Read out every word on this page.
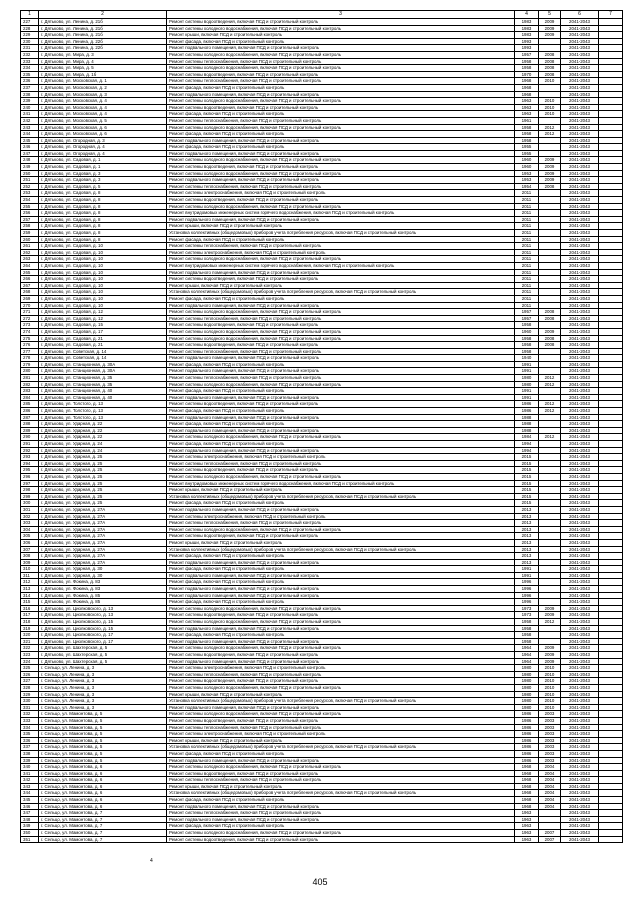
1	2	3	4	5	6	7
227	г. Дятьково, ул. Ленина, д. 21б	Ремонт системы водоотведения, включая ПСД и строительный контроль	1983	2009	2041-2043	
228	г. Дятьково, ул. Ленина, д. 21б	Ремонт системы холодного водоснабжения, включая ПСД и строительный контроль	1983	2009	2041-2043	
229	г. Дятьково, ул. Ленина, д. 21б	Ремонт крыши, включая ПСД и строительный контроль	1983	2009	2041-2043	
230	г. Дятьково, ул. Ленина, д. 22б	Ремонт фасада, включая ПСД и строительный контроль	1993		2041-2043	
231	г. Дятьково, ул. Ленина, д. 22б	Ремонт подвального помещения, включая ПСД и строительный контроль	1993		2041-2043	
232	г. Дятьково, ул. Мира, д. 3	Ремонт системы холодного водоснабжения, включая ПСД и строительный контроль	1957	2008	2041-2043	
233	г. Дятьково, ул. Мира, д. 4	Ремонт системы теплоснабжения, включая ПСД и строительный контроль	1958	2008	2041-2043	
234	г. Дятьково, ул. Мира, д. 5	Ремонт системы холодного водоснабжения, включая ПСД и строительный контроль	1958	2008	2041-2043	
235	г. Дятьково, ул. Мира, д. 1б	Ремонт системы водоотведения, включая ПСД и строительный контроль	1970	2008	2041-2043	
236	г. Дятьково, ул. Московская, д. 1	Ремонт системы теплоснабжения, включая ПСД и строительный контроль	1968	2010	2041-2043	
237	г. Дятьково, ул. Московская, д. 2	Ремонт фасада, включая ПСД и строительный контроль	1968		2041-2043	
238	г. Дятьково, ул. Московская, д. 3	Ремонт подвального помещения, включая ПСД и строительный контроль	1968		2041-2043	
239	г. Дятьково, ул. Московская, д. 4	Ремонт системы холодного водоснабжения, включая ПСД и строительный контроль	1963	2010	2041-2043	
240	г. Дятьково, ул. Московская, д. 4	Ремонт системы водоотведения, включая ПСД и строительный контроль	1963	2010	2041-2043	
241	г. Дятьково, ул. Московская, д. 4	Ремонт фасада, включая ПСД и строительный контроль	1963	2010	2041-2043	
242	г. Дятьково, ул. Московская, д. 5	Ремонт системы теплоснабжения, включая ПСД и строительный контроль	1961		2041-2043	
243	г. Дятьково, ул. Московская, д. 6	Ремонт системы холодного водоснабжения, включая ПСД и строительный контроль	1958	2012	2041-2043	
244	г. Дятьково, ул. Московская, д. 6	Ремонт фасада, включая ПСД и строительный контроль	1958	2012	2041-2043	
245	г. Дятьково, ул. Огородная, д. 3	Ремонт подвального помещения, включая ПСД и строительный контроль	1958		2041-2043	
246	г. Дятьково, ул. Огородная, д. 4	Ремонт фасада, включая ПСД и строительный контроль	1955		2041-2043	
247	г. Дятьково, ул. Огородная, д. 4	Ремонт подвального помещения, включая ПСД и строительный контроль	1955		2041-2043	
248	г. Дятьково, ул. Садовая, д. 1	Ремонт системы холодного водоснабжения, включая ПСД и строительный контроль	1960	2009	2041-2043	
249	г. Дятьково, ул. Садовая, д. 1	Ремонт системы водоотведения, включая ПСД и строительный контроль	1960	2009	2041-2043	
250	г. Дятьково, ул. Садовая, д. 3	Ремонт системы холодного водоснабжения, включая ПСД и строительный контроль	1953	2009	2041-2043	
251	г. Дятьково, ул. Садовая, д. 3	Ремонт подвального помещения, включая ПСД и строительный контроль	1953	2009	2041-2043	
252	г. Дятьково, ул. Садовая, д. 5	Ремонт системы теплоснабжения, включая ПСД и строительный контроль	1954	2008	2041-2043	
253	г. Дятьково, ул. Садовая, д. 8	Ремонт системы электроснабжения, включая ПСД и строительный контроль	2011		2041-2043	
254	г. Дятьково, ул. Садовая, д. 8	Ремонт системы водоотведения, включая ПСД и строительный контроль	2011		2041-2043	
255	г. Дятьково, ул. Садовая, д. 8	Ремонт системы холодного водоснабжения, включая ПСД и строительный контроль	2011		2041-2043	
256	г. Дятьково, ул. Садовая, д. 8	Ремонт внутридомовых инженерных систем горячего водоснабжения, включая ПСД и строительный контроль	2011		2041-2043	
257	г. Дятьково, ул. Садовая, д. 8	Ремонт подвального помещения, включая ПСД и строительный контроль	2011		2041-2043	
258	г. Дятьково, ул. Садовая, д. 8	Ремонт крыши, включая ПСД и строительный контроль	2011		2041-2043	
259	г. Дятьково, ул. Садовая, д. 8	Установка коллективных (общедомовых) приборов учета потребления ресурсов, включая ПСД и строительный контроль	2011		2041-2043	
260	г. Дятьково, ул. Садовая, д. 8	Ремонт фасада, включая ПСД и строительный контроль	2011		2041-2043	
261	г. Дятьково, ул. Садовая, д. 10	Ремонт системы теплоснабжения, включая ПСД и строительный контроль	2011		2041-2043	
262	г. Дятьково, ул. Садовая, д. 10	Ремонт системы электроснабжения, включая ПСД и строительный контроль	2011		2041-2043	
263	г. Дятьково, ул. Садовая, д. 10	Ремонт системы холодного водоснабжения, включая ПСД и строительный контроль	2011		2041-2043	
264	г. Дятьково, ул. Садовая, д. 10	Ремонт внутридомовых инженерных систем горячего водоснабжения, включая ПСД и строительный контроль	2011		2041-2043	
265	г. Дятьково, ул. Садовая, д. 10	Ремонт подвального помещения, включая ПСД и строительный контроль	2011		2041-2043	
266	г. Дятьково, ул. Садовая, д. 10	Ремонт системы водоотведения, включая ПСД и строительный контроль	2011		2041-2043	
267	г. Дятьково, ул. Садовая, д. 10	Ремонт крыши, включая ПСД и строительный контроль	2011		2041-2043	
268	г. Дятьково, ул. Садовая, д. 10	Установка коллективных (общедомовых) приборов учета потребления ресурсов, включая ПСД и строительный контроль	2011		2041-2043	
269	г. Дятьково, ул. Садовая, д. 10	Ремонт фасада, включая ПСД и строительный контроль	2011		2041-2043	
270	г. Дятьково, ул. Садовая, д. 10	Ремонт подвального помещения, включая ПСД и строительный контроль	2011		2041-2043	
271	г. Дятьково, ул. Садовая, д. 12	Ремонт системы холодного водоснабжения, включая ПСД и строительный контроль	1957	2008	2041-2043	
272	г. Дятьково, ул. Садовая, д. 12	Ремонт системы теплоснабжения, включая ПСД и строительный контроль	1957	2008	2041-2043	
273	г. Дятьково, ул. Садовая, д. 15	Ремонт системы водоотведения, включая ПСД и строительный контроль	1958		2041-2043	
274	г. Дятьково, ул. Садовая, д. 17	Ремонт системы холодного водоснабжения, включая ПСД и строительный контроль	1960	2009	2041-2043	
275	г. Дятьково, ул. Садовая, д. 21	Ремонт системы холодного водоснабжения, включая ПСД и строительный контроль	1958	2008	2041-2043	
276	г. Дятьково, ул. Садовая, д. 21	Ремонт системы водоотведения, включая ПСД и строительный контроль	1958	2008	2041-2043	
277	г. Дятьково, ул. Советская, д. 14	Ремонт системы теплоснабжения, включая ПСД и строительный контроль	1958		2041-2043	
278	г. Дятьково, ул. Советская, д. 14	Ремонт подвального помещения, включая ПСД и строительный контроль	1940		2041-2043	
279	г. Дятьково, ул. Станционная, д. 30А	Ремонт фасада, включая ПСД и строительный контроль	1991		2041-2043	
280	г. Дятьково, ул. Станционная, д. 30А	Ремонт подвального помещения, включая ПСД и строительный контроль	1991		2041-2043	
281	г. Дятьково, ул. Станционная, д. 35	Ремонт системы теплоснабжения, включая ПСД и строительный контроль	1980	2012	2041-2043	
282	г. Дятьково, ул. Станционная, д. 35	Ремонт системы холодного водоснабжения, включая ПСД и строительный контроль	1980	2012	2041-2043	
283	г. Дятьково, ул. Станционная, д. 40	Ремонт фасада, включая ПСД и строительный контроль	1991		2041-2043	
284	г. Дятьково, ул. Станционная, д. 40	Ремонт подвального помещения, включая ПСД и строительный контроль	1991		2041-2043	
285	г. Дятьково, ул. Толстого, д. 13	Ремонт системы водоотведения, включая ПСД и строительный контроль	1986	2012	2041-2043	
286	г. Дятьково, ул. Толстого, д. 13	Ремонт фасада, включая ПСД и строительный контроль	1986	2012	2041-2043	
287	г. Дятьково, ул. Толстого, д. 13	Ремонт подвального помещения, включая ПСД и строительный контроль	1988		2041-2043	
288	г. Дятьково, ул. Ударная, д. 22	Ремонт фасада, включая ПСД и строительный контроль	1988		2041-2043	
289	г. Дятьково, ул. Ударная, д. 22	Ремонт подвального помещения, включая ПСД и строительный контроль	1988		2041-2043	
290	г. Дятьково, ул. Ударная, д. 22	Ремонт системы холодного водоснабжения, включая ПСД и строительный контроль	1984	2012	2041-2043	
291	г. Дятьково, ул. Ударная, д. 24	Ремонт фасада, включая ПСД и строительный контроль	1994		2041-2043	
292	г. Дятьково, ул. Ударная, д. 24	Ремонт подвального помещения, включая ПСД и строительный контроль	1994		2041-2043	
293	г. Дятьково, ул. Ударная, д. 25	Ремонт системы электроснабжения, включая ПСД и строительный контроль	2015		2041-2043	
294	г. Дятьково, ул. Ударная, д. 25	Ремонт системы теплоснабжения, включая ПСД и строительный контроль	2015		2041-2043	
295	г. Дятьково, ул. Ударная, д. 25	Ремонт системы водоотведения, включая ПСД и строительный контроль	2015		2041-2043	
296	г. Дятьково, ул. Ударная, д. 25	Ремонт системы холодного водоснабжения, включая ПСД и строительный контроль	2015		2041-2043	
297	г. Дятьково, ул. Ударная, д. 25	Ремонт внутридомовых инженерных систем горячего водоснабжения, включая ПСД и строительный контроль	2015		2041-2043	
298	г. Дятьково, ул. Ударная, д. 25	Ремонт крыши, включая ПСД и строительный контроль	2015		2041-2043	
299	г. Дятьково, ул. Ударная, д. 25	Установка коллективных (общедомовых) приборов учета потребления ресурсов, включая ПСД и строительный контроль	2015		2041-2043	
300	г. Дятьково, ул. Ударная, д. 25	Ремонт фасада, включая ПСД и строительный контроль	2015		2041-2043	
301	г. Дятьково, ул. Ударная, д. 27А	Ремонт подвального помещения, включая ПСД и строительный контроль	2013		2041-2043	
302	г. Дятьково, ул. Ударная, д. 27А	Ремонт системы электроснабжения, включая ПСД и строительный контроль	2013		2041-2043	
303	г. Дятьково, ул. Ударная, д. 27А	Ремонт системы теплоснабжения, включая ПСД и строительный контроль	2013		2041-2043	
304	г. Дятьково, ул. Ударная, д. 27А	Ремонт системы холодного водоснабжения, включая ПСД и строительный контроль	2013		2041-2043	
305	г. Дятьково, ул. Ударная, д. 27А	Ремонт системы водоотведения, включая ПСД и строительный контроль	2013		2041-2043	
306	г. Дятьково, ул. Ударная, д. 27А	Ремонт крыши, включая ПСД и строительный контроль	2013		2041-2043	
307	г. Дятьково, ул. Ударная, д. 27А	Установка коллективных (общедомовых) приборов учета потребления ресурсов, включая ПСД и строительный контроль	2013		2041-2043	
308	г. Дятьково, ул. Ударная, д. 27А	Ремонт фасада, включая ПСД и строительный контроль	2013		2041-2043	
309	г. Дятьково, ул. Ударная, д. 27А	Ремонт подвального помещения, включая ПСД и строительный контроль	2013		2041-2043	
310	г. Дятьково, ул. Ударная, д. 30	Ремонт фасада, включая ПСД и строительный контроль	1991		2041-2043	
311	г. Дятьково, ул. Ударная, д. 30	Ремонт подвального помещения, включая ПСД и строительный контроль	1991		2041-2043	
312	г. Дятьково, ул. Фокина, д. 83	Ремонт фасада, включая ПСД и строительный контроль	1996		2041-2043	
313	г. Дятьково, ул. Фокина, д. 83	Ремонт подвального помещения, включая ПСД и строительный контроль	1996		2041-2043	
314	г. Дятьково, ул. Фокина, д. 85	Ремонт подвального помещения, включая ПСД и строительный контроль	1996		2041-2043	
315	г. Дятьково, ул. Фокина, д. 85	Ремонт фасада, включая ПСД и строительный контроль	1996		2041-2043	
316	г. Дятьково, ул. Циолковского, д. 13	Ремонт системы холодного водоснабжения, включая ПСД и строительный контроль	1973	2009	2041-2043	
317	г. Дятьково, ул. Циолковского, д. 13	Ремонт системы водоотведения, включая ПСД и строительный контроль	1973	2009	2041-2043	
318	г. Дятьково, ул. Циолковского, д. 15	Ремонт системы холодного водоснабжения, включая ПСД и строительный контроль	1958	2012	2041-2043	
319	г. Дятьково, ул. Циолковского, д. 15	Ремонт подвального помещения, включая ПСД и строительный контроль	1958		2041-2043	
320	г. Дятьково, ул. Циолковского, д. 17	Ремонт фасада, включая ПСД и строительный контроль	1958		2041-2043	
321	г. Дятьково, ул. Циолковского, д. 17	Ремонт подвального помещения, включая ПСД и строительный контроль	1958		2041-2043	
322	г. Дятьково, ул. Шахтерская, д. 5	Ремонт системы холодного водоснабжения, включая ПСД и строительный контроль	1964	2009	2041-2043	
323	г. Дятьково, ул. Шахтерская, д. 5	Ремонт системы водоотведения, включая ПСД и строительный контроль	1964	2009	2041-2043	
324	г. Дятьково, ул. Шахтерская, д. 5	Ремонт подвального помещения, включая ПСД и строительный контроль	1964	2009	2041-2043	
325	г. Сельцо, ул. Ленина, д. 3	Ремонт системы электроснабжения, включая ПСД и строительный контроль	1980	2010	2041-2043	
326	г. Сельцо, ул. Ленина, д. 3	Ремонт системы теплоснабжения, включая ПСД и строительный контроль	1980	2010	2041-2043	
327	г. Сельцо, ул. Ленина, д. 3	Ремонт системы водоотведения, включая ПСД и строительный контроль	1980	2010	2041-2043	
328	г. Сельцо, ул. Ленина, д. 3	Ремонт системы холодного водоснабжения, включая ПСД и строительный контроль	1980	2010	2041-2043	
329	г. Сельцо, ул. Ленина, д. 3	Ремонт крыши, включая ПСД и строительный контроль	1980	2010	2041-2043	
330	г. Сельцо, ул. Ленина, д. 3	Установка коллективных (общедомовых) приборов учета потребления ресурсов, включая ПСД и строительный контроль	1980	2010	2041-2043	
331	г. Сельцо, ул. Ленина, д. 3	Ремонт подвального помещения, включая ПСД и строительный контроль	1980	2010	2041-2043	
332	г. Сельцо, ул. Мамонтова, д. 5	Ремонт системы холодного водоснабжения, включая ПСД и строительный контроль	1986	2003	2041-2043	
333	г. Сельцо, ул. Мамонтова, д. 5	Ремонт системы водоотведения, включая ПСД и строительный контроль	1986	2003	2041-2043	
334	г. Сельцо, ул. Мамонтова, д. 5	Ремонт системы теплоснабжения, включая ПСД и строительный контроль	1986	2003	2041-2043	
335	г. Сельцо, ул. Мамонтова, д. 5	Ремонт системы электроснабжения, включая ПСД и строительный контроль	1986	2003	2041-2043	
336	г. Сельцо, ул. Мамонтова, д. 5	Ремонт крыши, включая ПСД и строительный контроль	1986	2003	2041-2043	
337	г. Сельцо, ул. Мамонтова, д. 5	Установка коллективных (общедомовых) приборов учета потребления ресурсов, включая ПСД и строительный контроль	1986	2003	2041-2043	
338	г. Сельцо, ул. Мамонтова, д. 5	Ремонт фасада, включая ПСД и строительный контроль	1986	2003	2041-2043	
339	г. Сельцо, ул. Мамонтова, д. 5	Ремонт подвального помещения, включая ПСД и строительный контроль	1986	2003	2041-2043	
340	г. Сельцо, ул. Мамонтова, д. 6	Ремонт системы холодного водоснабжения, включая ПСД и строительный контроль	1968	2004	2041-2043	
341	г. Сельцо, ул. Мамонтова, д. 6	Ремонт системы водоотведения, включая ПСД и строительный контроль	1968	2004	2041-2043	
342	г. Сельцо, ул. Мамонтова, д. 6	Ремонт системы теплоснабжения, включая ПСД и строительный контроль	1968	2004	2041-2043	
343	г. Сельцо, ул. Мамонтова, д. 6	Ремонт крыши, включая ПСД и строительный контроль	1968	2004	2041-2043	
344	г. Сельцо, ул. Мамонтова, д. 6	Установка коллективных (общедомовых) приборов учета потребления ресурсов, включая ПСД и строительный контроль	1968	2004	2041-2043	
345	г. Сельцо, ул. Мамонтова, д. 6	Ремонт фасада, включая ПСД и строительный контроль	1968	2004	2041-2043	
346	г. Сельцо, ул. Мамонтова, д. 6	Ремонт подвального помещения, включая ПСД и строительный контроль	1968	2004	2041-2043	
347	г. Сельцо, ул. Мамонтова, д. 7	Ремонт системы теплоснабжения, включая ПСД и строительный контроль	1963		2041-2043	
348	г. Сельцо, ул. Мамонтова, д. 7	Ремонт подвального помещения, включая ПСД и строительный контроль	1963		2041-2043	
349	г. Сельцо, ул. Мамонтова, д. 7	Ремонт фасада, включая ПСД и строительный контроль	1963		2041-2043	
350	г. Сельцо, ул. Мамонтова, д. 7	Ремонт системы холодного водоснабжения, включая ПСД и строительный контроль	1963	2007	2041-2043	
351	г. Сельцо, ул. Мамонтова, д. 7	Ремонт системы водоотведения, включая ПСД и строительный контроль	1963	2007	2041-2043	
4
405
